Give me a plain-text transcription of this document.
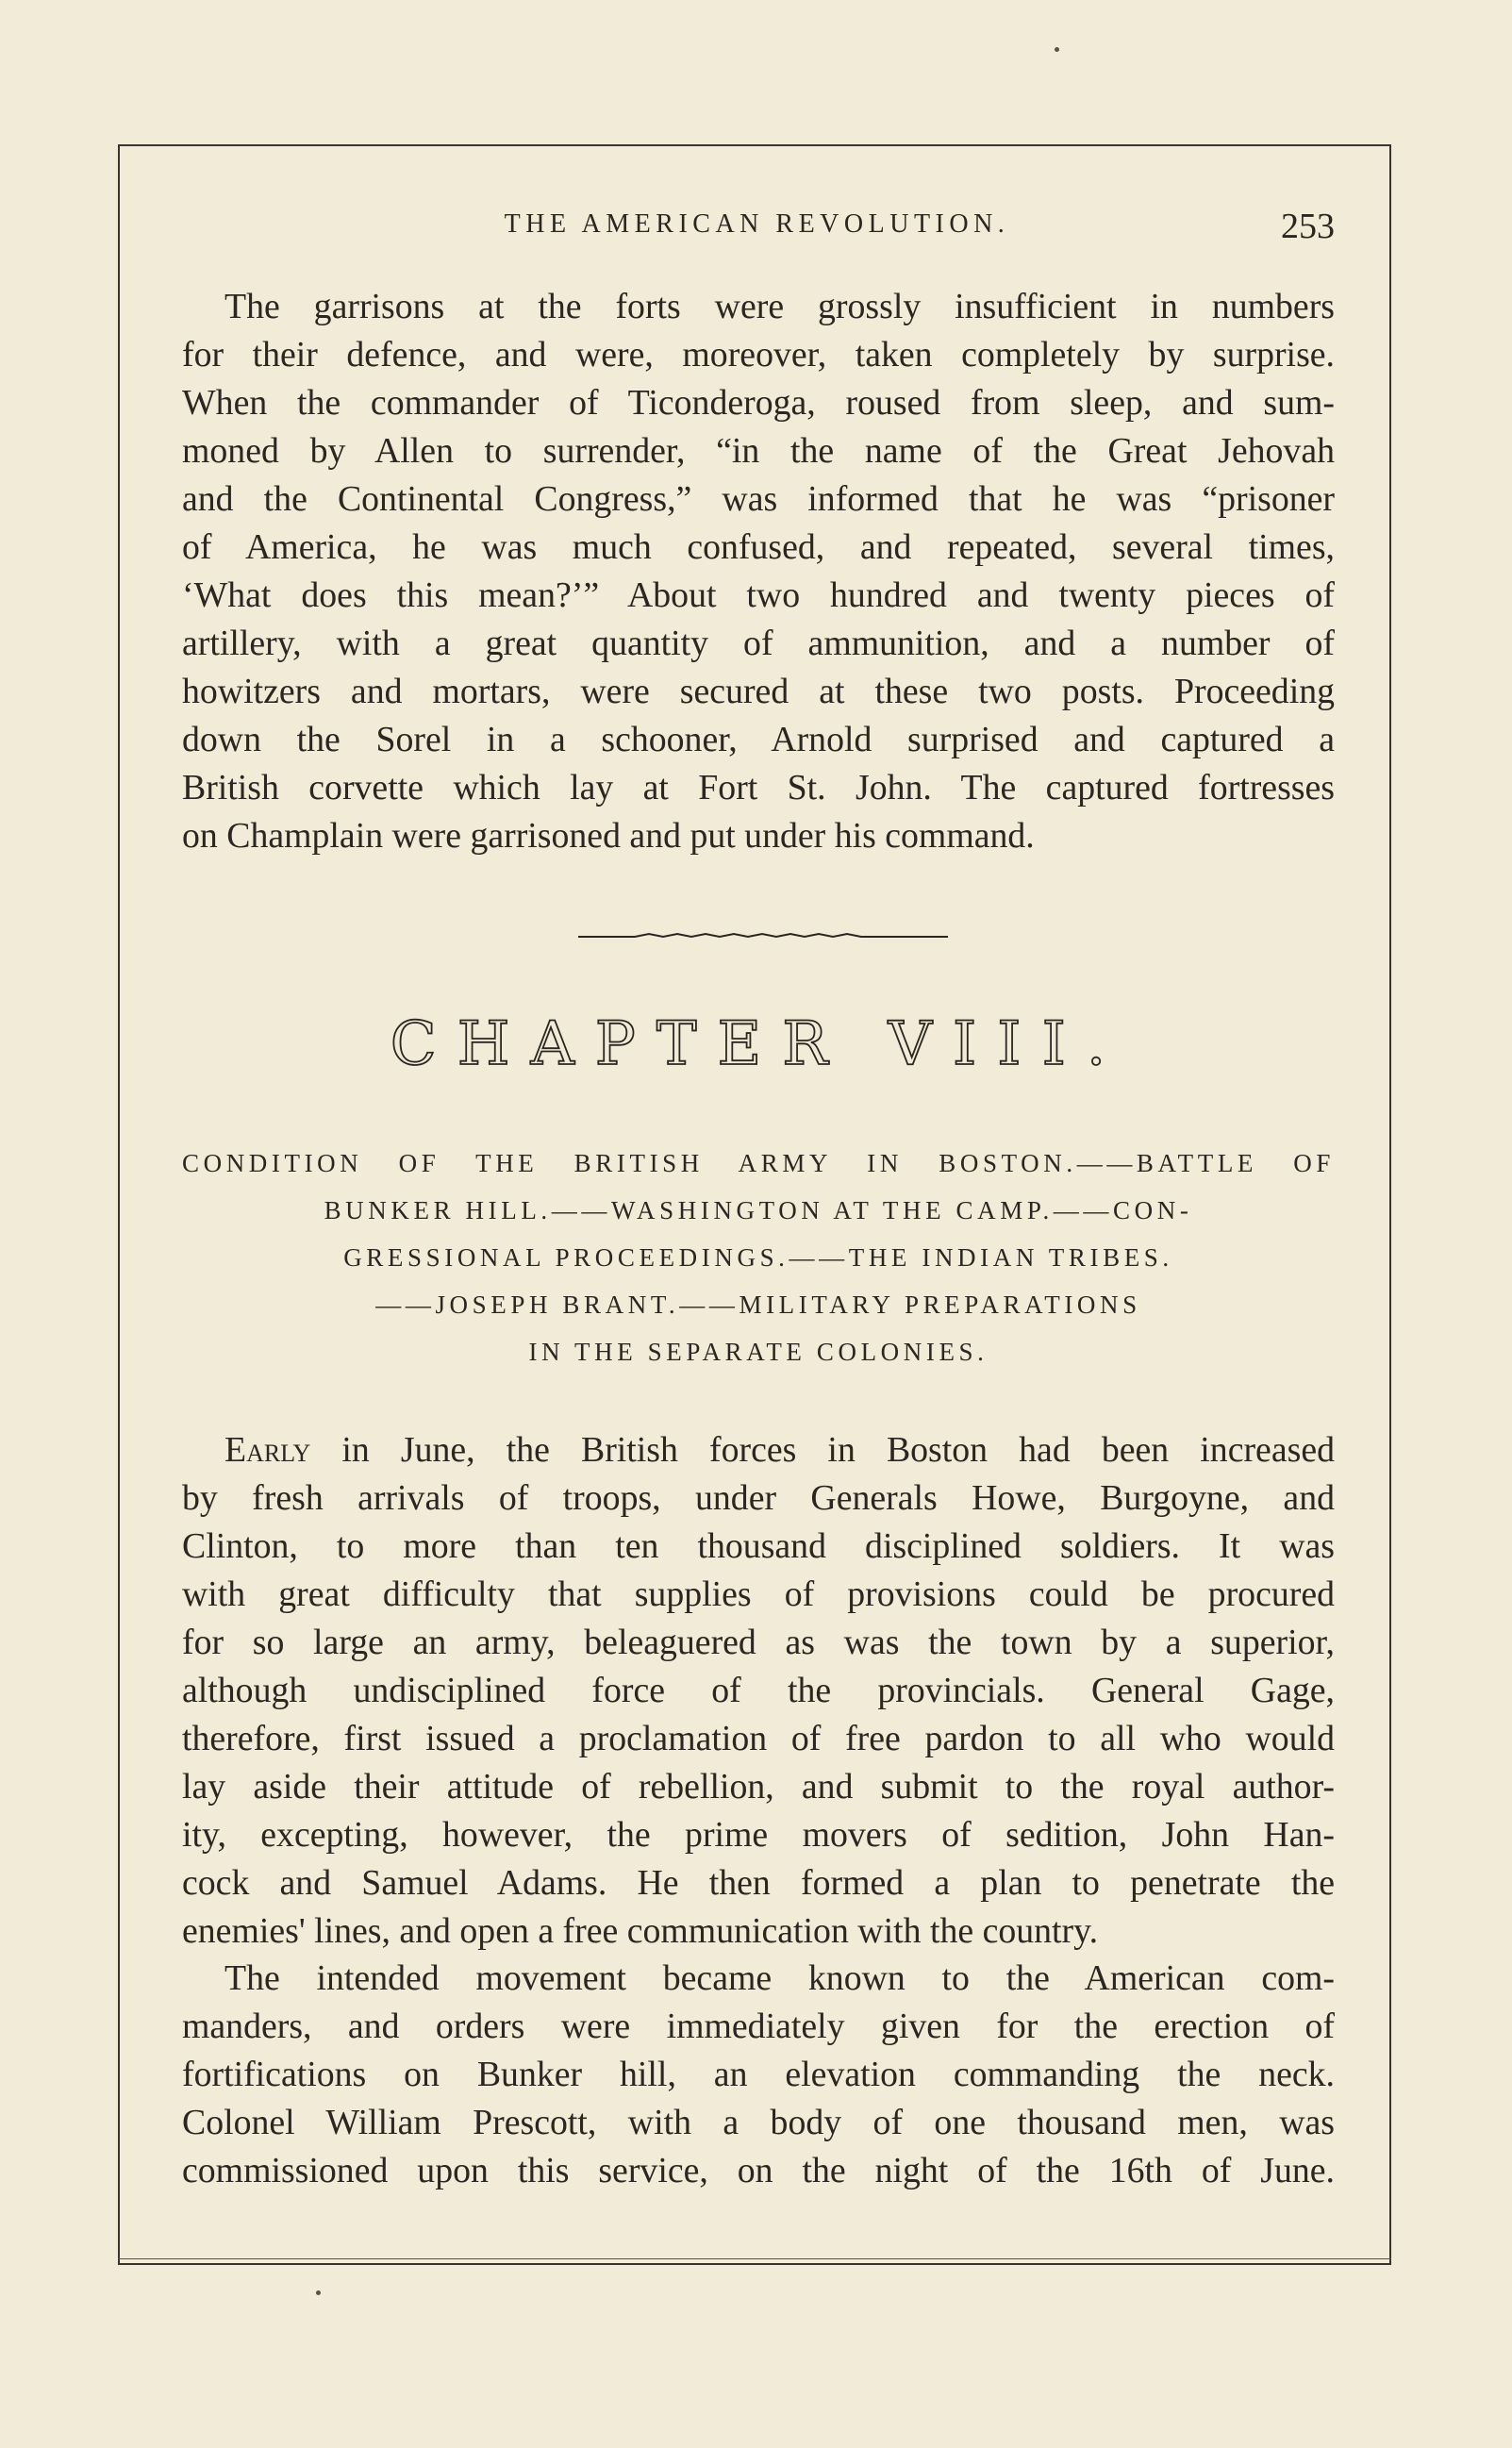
THE AMERICAN REVOLUTION.	253
The garrisons at the forts were grossly insufficient in numbers
for their defence, and were, moreover, taken completely by surprise.
When the commander of Ticonderoga, roused from sleep, and sum-
moned by Allen to surrender, “in the name of the Great Jehovah
and the Continental Congress,” was informed that he was “prisoner
of America, he was much confused, and repeated, several times,
‘What does this mean?’” About two hundred and twenty pieces of
artillery, with a great quantity of ammunition, and a number of
howitzers and mortars, were secured at these two posts. Proceeding
down the Sorel in a schooner, Arnold surprised and captured a
British corvette which lay at Fort St. John. The captured fortresses
on Champlain were garrisoned and put under his command.
CHAPTER VIII.
CONDITION OF THE BRITISH ARMY IN BOSTON.——BATTLE OF
BUNKER HILL.——WASHINGTON AT THE CAMP.——CON-
GRESSIONAL PROCEEDINGS.——THE INDIAN TRIBES.
——JOSEPH BRANT.——MILITARY PREPARATIONS
IN THE SEPARATE COLONIES.
Early in June, the British forces in Boston had been increased
by fresh arrivals of troops, under Generals Howe, Burgoyne, and
Clinton, to more than ten thousand disciplined soldiers. It was
with great difficulty that supplies of provisions could be procured
for so large an army, beleaguered as was the town by a superior,
although undisciplined force of the provincials. General Gage,
therefore, first issued a proclamation of free pardon to all who would
lay aside their attitude of rebellion, and submit to the royal author-
ity, excepting, however, the prime movers of sedition, John Han-
cock and Samuel Adams. He then formed a plan to penetrate the
enemies' lines, and open a free communication with the country.
The intended movement became known to the American com-
manders, and orders were immediately given for the erection of
fortifications on Bunker hill, an elevation commanding the neck.
Colonel William Prescott, with a body of one thousand men, was
commissioned upon this service, on the night of the 16th of June.
